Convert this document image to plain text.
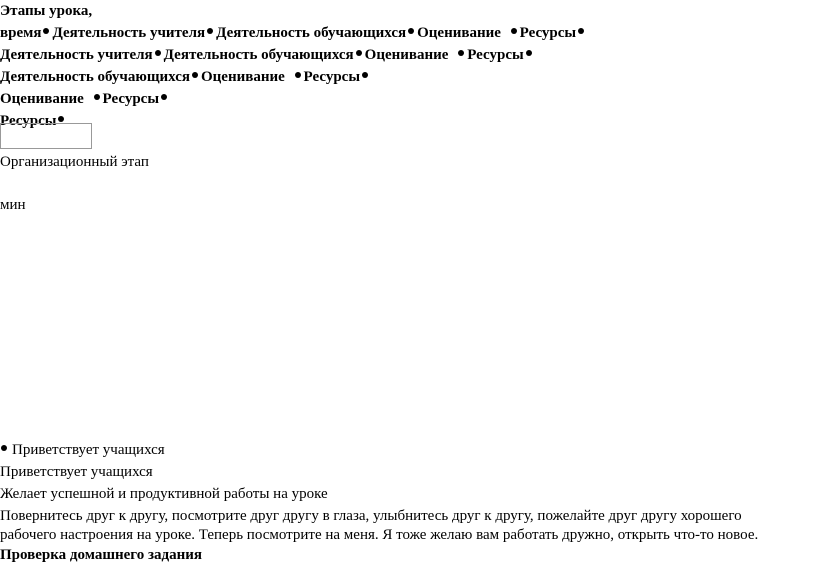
Этапы урока,
время Деятельность учителя Деятельность обучающихся Оценивание Ресурсы
Деятельность учителя Деятельность обучающихся Оценивание Ресурсы
Деятельность обучающихся Оценивание Ресурсы
Оценивание Ресурсы
Ресурсы
Организационный этап
мин
Приветствует учащихся
Приветствует учащихся
Желает успешной и продуктивной работы на уроке
Повернитесь друг к другу, посмотрите друг другу в глаза, улыбнитесь друг к другу, пожелайте друг другу хорошего
рабочего настроения на уроке. Теперь посмотрите на меня. Я тоже желаю вам работать дружно, открыть что-то новое.
Проверка домашнего задания
